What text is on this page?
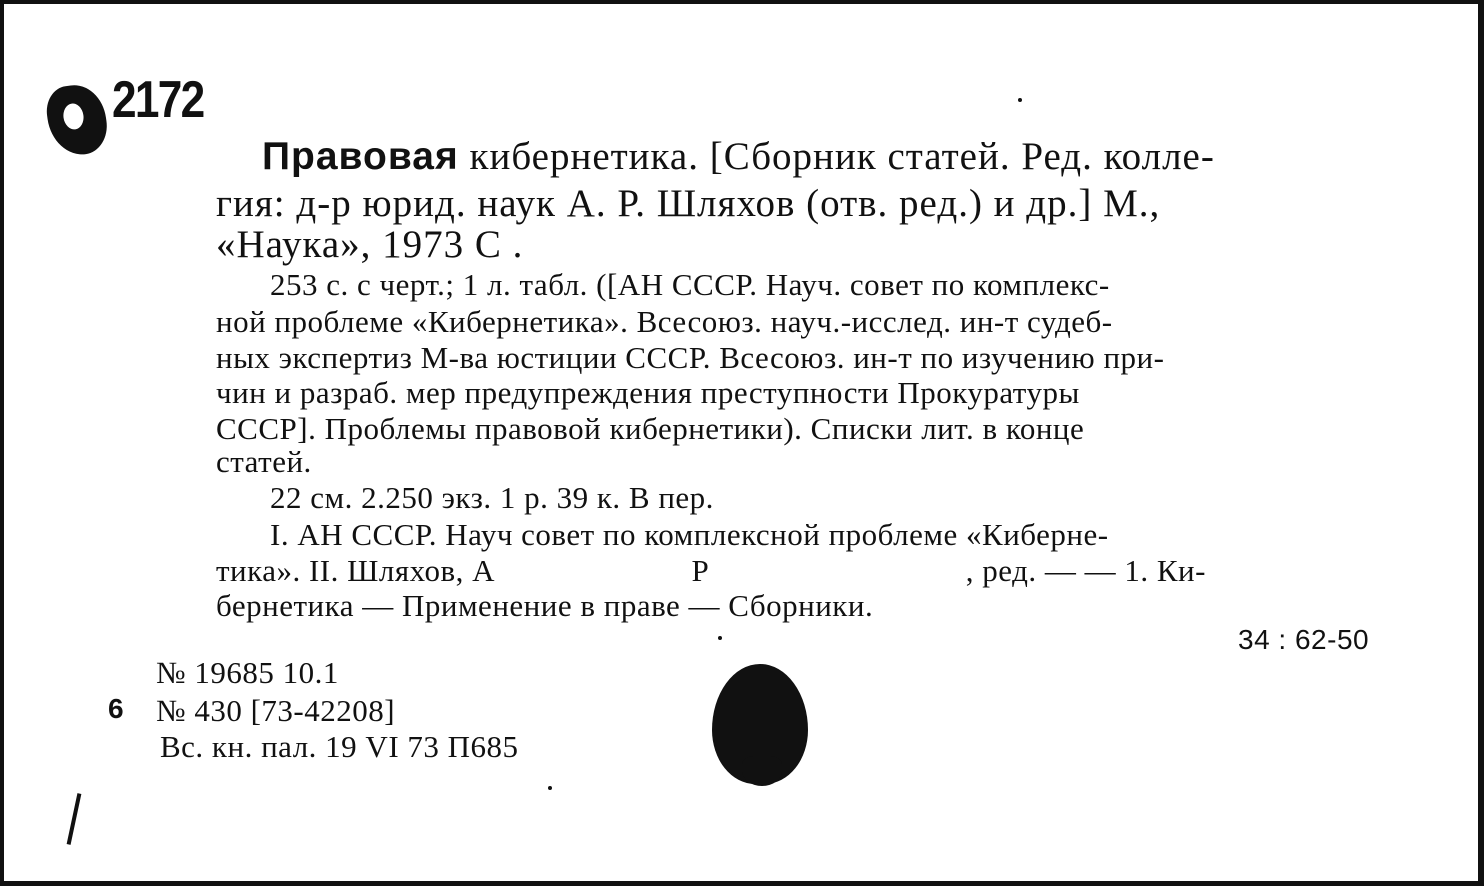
2172
Правовая кибернетика. [Сборник статей. Ред. колле-
гия: д-р юрид. наук А. Р. Шляхов (отв. ред.) и др.] М.,
«Наука», 1973 С .
253 с. с черт.; 1 л. табл. ([АН СССР. Науч. совет по комплекс-
ной проблеме «Кибернетика». Всесоюз. науч.-исслед. ин-т судеб-
ных экспертиз М-ва юстиции СССР. Всесоюз. ин-т по изучению при-
чин и разраб. мер предупреждения преступности Прокуратуры
СССР]. Проблемы правовой кибернетики). Списки лит. в конце
статей.
22 см. 2.250 экз. 1 р. 39 к. В пер.
I. АН СССР. Науч совет по комплексной проблеме «Киберне-
тика». II. Шляхов, А	Р	, ред. — — 1. Ки-
бернетика — Применение в праве — Сборники.
34 : 62-50
№ 19685 10.1
6 № 430 [73-42208]
Вс. кн. пал. 19 VI 73 П685
